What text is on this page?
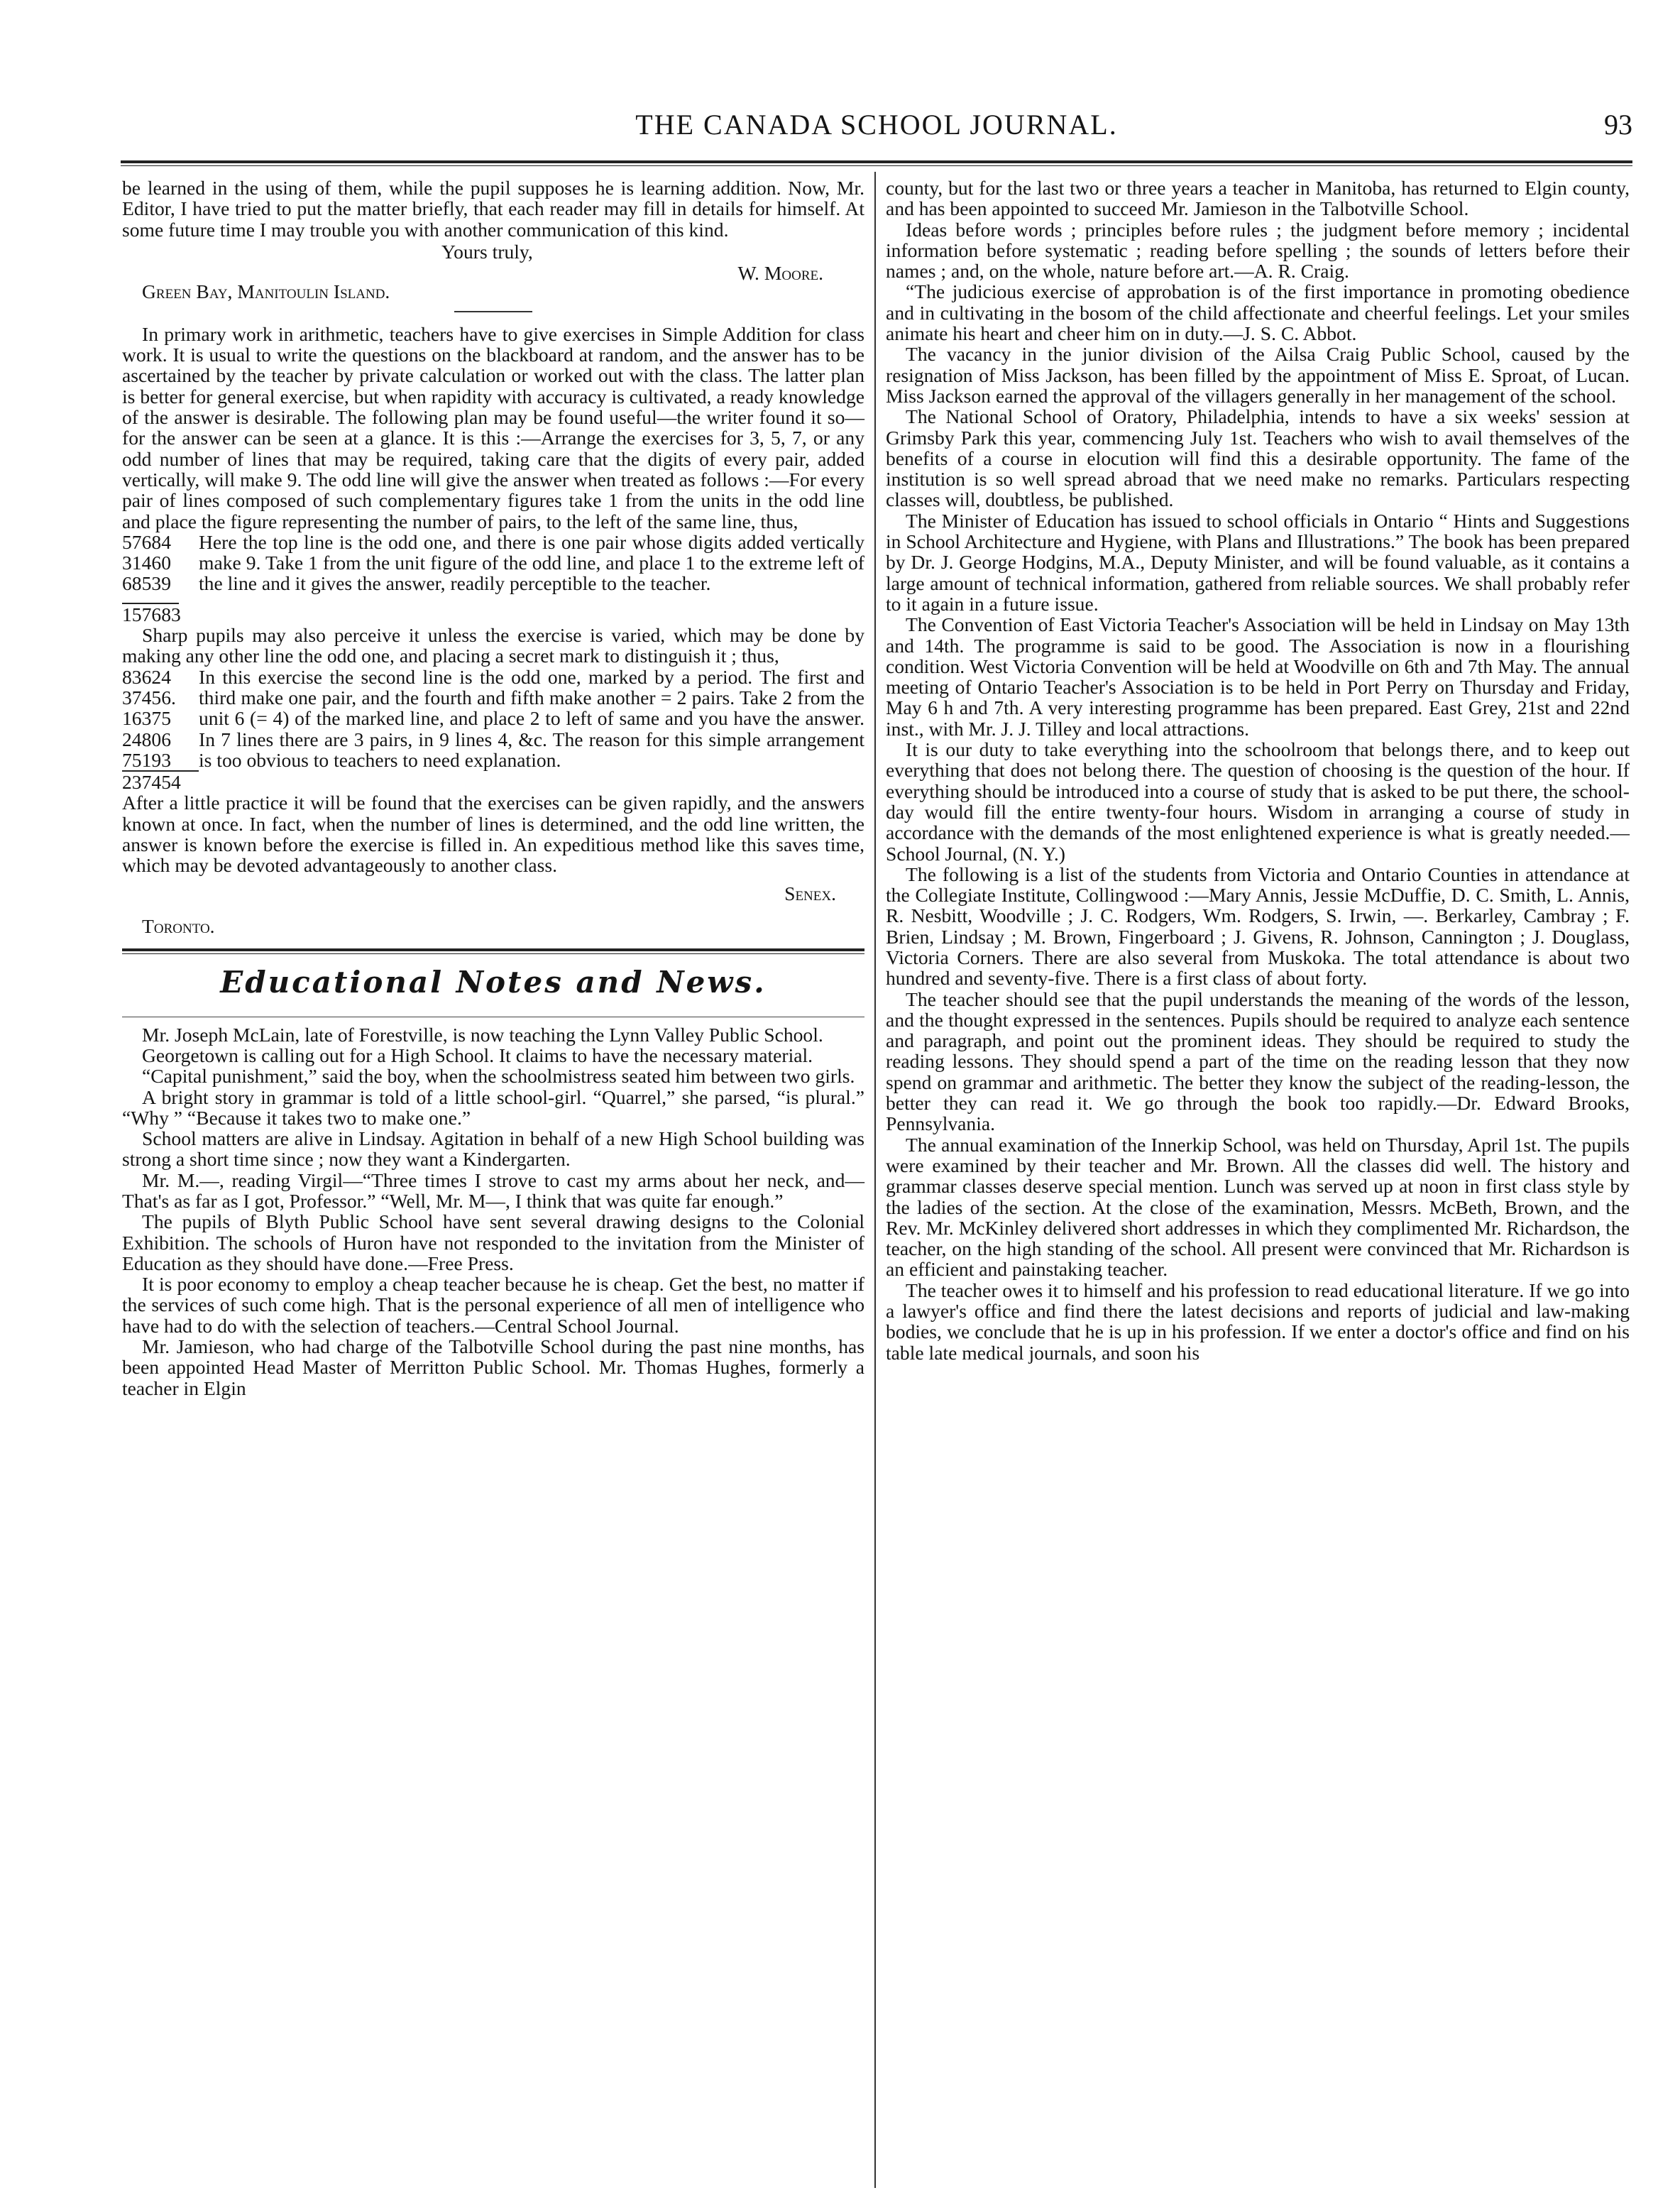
THE CANADA SCHOOL JOURNAL.	93

be learned in the using of them, while the pupil supposes he is learning addition. Now, Mr. Editor, I have tried to put the matter briefly, that each reader may fill in details for himself. At some future time I may trouble you with another communication of this kind.

Yours truly,
W. Moore.

Green Bay, Manitoulin Island.

In primary work in arithmetic, teachers have to give exercises in Simple Addition for class work. It is usual to write the questions on the blackboard at random, and the answer has to be ascertained by the teacher by private calculation or worked out with the class. The latter plan is better for general exercise, but when rapidity with accuracy is cultivated, a ready knowledge of the answer is desirable. The following plan may be found useful—the writer found it so—for the answer can be seen at a glance. It is this :—Arrange the exercises for 3, 5, 7, or any odd number of lines that may be required, taking care that the digits of every pair, added vertically, will make 9. The odd line will give the answer when treated as follows :—For every pair of lines composed of such complementary figures take 1 from the units in the odd line and place the figure representing the number of pairs, to the left of the same line, thus,

57684
31460
68539
157683
Here the top line is the odd one, and there is one pair whose digits added vertically make 9. Take 1 from the unit figure of the odd line, and place 1 to the extreme left of the line and it gives the answer, readily perceptible to the teacher.

Sharp pupils may also perceive it unless the exercise is varied, which may be done by making any other line the odd one, and placing a secret mark to distinguish it ; thus,

83624
37456.
16375
24806
75193
237454
In this exercise the second line is the odd one, marked by a period. The first and third make one pair, and the fourth and fifth make another = 2 pairs. Take 2 from the unit 6 (= 4) of the marked line, and place 2 to left of same and you have the answer. In 7 lines there are 3 pairs, in 9 lines 4, &c. The reason for this simple arrangement is too obvious to teachers to need explanation.

After a little practice it will be found that the exercises can be given rapidly, and the answers known at once. In fact, when the number of lines is determined, and the odd line written, the answer is known before the exercise is filled in. An expeditious method like this saves time, which may be devoted advantageously to another class.

Senex.

Toronto.

Educational Notes and News.

Mr. Joseph McLain, late of Forestville, is now teaching the Lynn Valley Public School.

Georgetown is calling out for a High School. It claims to have the necessary material.

“Capital punishment,” said the boy, when the schoolmistress seated him between two girls.

A bright story in grammar is told of a little school-girl. “Quarrel,” she parsed, “is plural.” “Why ” “Because it takes two to make one.”

School matters are alive in Lindsay. Agitation in behalf of a new High School building was strong a short time since ; now they want a Kindergarten.

Mr. M.—, reading Virgil—“Three times I strove to cast my arms about her neck, and—That's as far as I got, Professor.” “Well, Mr. M—, I think that was quite far enough.”

The pupils of Blyth Public School have sent several drawing designs to the Colonial Exhibition. The schools of Huron have not responded to the invitation from the Minister of Education as they should have done.—Free Press.

It is poor economy to employ a cheap teacher because he is cheap. Get the best, no matter if the services of such come high. That is the personal experience of all men of intelligence who have had to do with the selection of teachers.—Central School Journal.

Mr. Jamieson, who had charge of the Talbotville School during the past nine months, has been appointed Head Master of Merritton Public School. Mr. Thomas Hughes, formerly a teacher in Elgin

county, but for the last two or three years a teacher in Manitoba, has returned to Elgin county, and has been appointed to succeed Mr. Jamieson in the Talbotville School.

Ideas before words ; principles before rules ; the judgment before memory ; incidental information before systematic ; reading before spelling ; the sounds of letters before their names ; and, on the whole, nature before art.—A. R. Craig.

“The judicious exercise of approbation is of the first importance in promoting obedience and in cultivating in the bosom of the child affectionate and cheerful feelings. Let your smiles animate his heart and cheer him on in duty.—J. S. C. Abbot.

The vacancy in the junior division of the Ailsa Craig Public School, caused by the resignation of Miss Jackson, has been filled by the appointment of Miss E. Sproat, of Lucan. Miss Jackson earned the approval of the villagers generally in her management of the school.

The National School of Oratory, Philadelphia, intends to have a six weeks' session at Grimsby Park this year, commencing July 1st. Teachers who wish to avail themselves of the benefits of a course in elocution will find this a desirable opportunity. The fame of the institution is so well spread abroad that we need make no remarks. Particulars respecting classes will, doubtless, be published.

The Minister of Education has issued to school officials in Ontario “ Hints and Suggestions in School Architecture and Hygiene, with Plans and Illustrations.” The book has been prepared by Dr. J. George Hodgins, M.A., Deputy Minister, and will be found valuable, as it contains a large amount of technical information, gathered from reliable sources. We shall probably refer to it again in a future issue.

The Convention of East Victoria Teacher's Association will be held in Lindsay on May 13th and 14th. The programme is said to be good. The Association is now in a flourishing condition. West Victoria Convention will be held at Woodville on 6th and 7th May. The annual meeting of Ontario Teacher's Association is to be held in Port Perry on Thursday and Friday, May 6 h and 7th. A very interesting programme has been prepared. East Grey, 21st and 22nd inst., with Mr. J. J. Tilley and local attractions.

It is our duty to take everything into the schoolroom that belongs there, and to keep out everything that does not belong there. The question of choosing is the question of the hour. If everything should be introduced into a course of study that is asked to be put there, the school-day would fill the entire twenty-four hours. Wisdom in arranging a course of study in accordance with the demands of the most enlightened experience is what is greatly needed.—School Journal, (N. Y.)

The following is a list of the students from Victoria and Ontario Counties in attendance at the Collegiate Institute, Collingwood :—Mary Annis, Jessie McDuffie, D. C. Smith, L. Annis, R. Nesbitt, Woodville ; J. C. Rodgers, Wm. Rodgers, S. Irwin, —. Berkarley, Cambray ; F. Brien, Lindsay ; M. Brown, Fingerboard ; J. Givens, R. Johnson, Cannington ; J. Douglass, Victoria Corners. There are also several from Muskoka. The total attendance is about two hundred and seventy-five. There is a first class of about forty.

The teacher should see that the pupil understands the meaning of the words of the lesson, and the thought expressed in the sentences. Pupils should be required to analyze each sentence and paragraph, and point out the prominent ideas. They should be required to study the reading lessons. They should spend a part of the time on the reading lesson that they now spend on grammar and arithmetic. The better they know the subject of the reading-lesson, the better they can read it. We go through the book too rapidly.—Dr. Edward Brooks, Pennsylvania.

The annual examination of the Innerkip School, was held on Thursday, April 1st. The pupils were examined by their teacher and Mr. Brown. All the classes did well. The history and grammar classes deserve special mention. Lunch was served up at noon in first class style by the ladies of the section. At the close of the examination, Messrs. McBeth, Brown, and the Rev. Mr. McKinley delivered short addresses in which they complimented Mr. Richardson, the teacher, on the high standing of the school. All present were convinced that Mr. Richardson is an efficient and painstaking teacher.

The teacher owes it to himself and his profession to read educational literature. If we go into a lawyer's office and find there the latest decisions and reports of judicial and law-making bodies, we conclude that he is up in his profession. If we enter a doctor's office and find on his table late medical journals, and soon his
